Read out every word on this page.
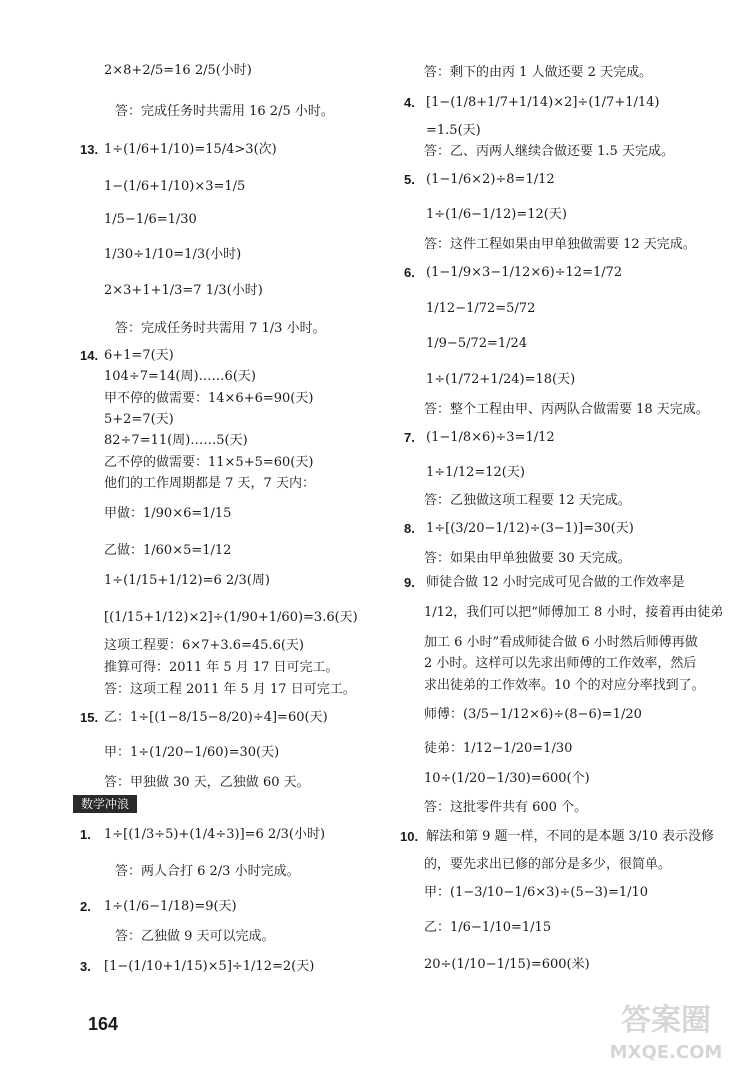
2×8+2/5=16 2/5(小时)
答：完成任务时共需用 16 2/5 小时。
13. 1÷(1/6+1/10)=15/4>3(次)
1−(1/6+1/10)×3=1/5
1/5−1/6=1/30
1/30÷1/10=1/3(小时)
2×3+1+1/3=7 1/3(小时)
答：完成任务时共需用 7 1/3 小时。
14. 6+1=7(天)
104÷7=14(周)……6(天)
甲不停的做需要：14×6+6=90(天)
5+2=7(天)
82÷7=11(周)……5(天)
乙不停的做需要：11×5+5=60(天)
他们的工作周期都是 7 天，7 天内：
甲做：1/90×6=1/15
乙做：1/60×5=1/12
1÷(1/15+1/12)=6 2/3(周)
[(1/15+1/12)×2]÷(1/90+1/60)=3.6(天)
这项工程要：6×7+3.6=45.6(天)
推算可得：2011 年 5 月 17 日可完工。
答：这项工程 2011 年 5 月 17 日可完工。
15. 乙：1÷[(1−8/15−8/20)÷4]=60(天)
甲：1÷(1/20−1/60)=30(天)
答：甲独做 30 天，乙独做 60 天。
数学冲浪
1. 1÷[(1/3÷5)+(1/4÷3)]=6 2/3(小时)
答：两人合打 6 2/3 小时完成。
2. 1÷(1/6−1/18)=9(天)
答：乙独做 9 天可以完成。
3. [1−(1/10+1/15)×5]÷1/12=2(天)
164
答：剩下的由丙 1 人做还要 2 天完成。
4. [1−(1/8+1/7+1/14)×2]÷(1/7+1/14)
=1.5(天)
答：乙、丙两人继续合做还要 1.5 天完成。
5. (1−1/6×2)÷8=1/12
1÷(1/6−1/12)=12(天)
答：这件工程如果由甲单独做需要 12 天完成。
6. (1−1/9×3−1/12×6)÷12=1/72
1/12−1/72=5/72
1/9−5/72=1/24
1÷(1/72+1/24)=18(天)
答：整个工程由甲、丙两队合做需要 18 天完成。
7. (1−1/8×6)÷3=1/12
1÷1/12=12(天)
答：乙独做这项工程要 12 天完成。
8. 1÷[(3/20−1/12)÷(3−1)]=30(天)
答：如果由甲单独做要 30 天完成。
9. 师徒合做 12 小时完成可见合做的工作效率是
1/12，我们可以把“师傅加工 8 小时，接着再由徒弟
加工 6 小时”看成师徒合做 6 小时然后师傅再做
2 小时。这样可以先求出师傅的工作效率，然后
求出徒弟的工作效率。10 个的对应分率找到了。
师傅：(3/5−1/12×6)÷(8−6)=1/20
徒弟：1/12−1/20=1/30
10÷(1/20−1/30)=600(个)
答：这批零件共有 600 个。
10. 解法和第 9 题一样，不同的是本题 3/10 表示没修
的，要先求出已修的部分是多少，很简单。
甲：(1−3/10−1/6×3)÷(5−3)=1/10
乙：1/6−1/10=1/15
20÷(1/10−1/15)=600(米)
答案圈
MXQE.COM
